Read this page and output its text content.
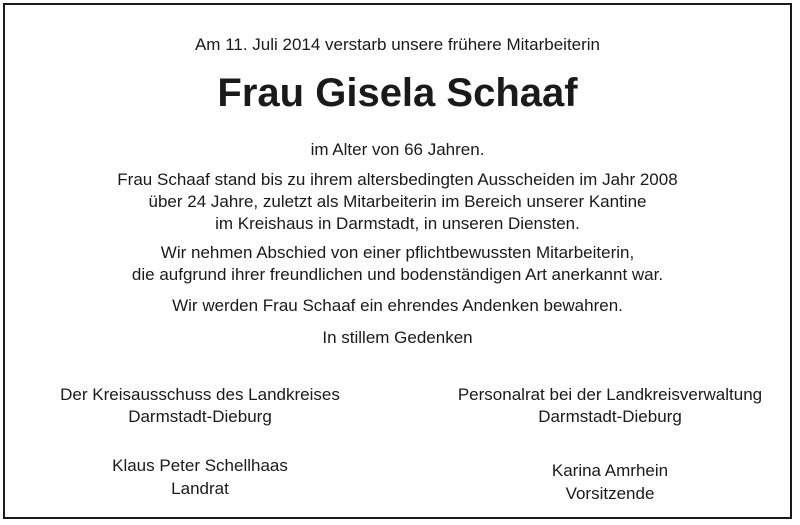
Am 11. Juli 2014 verstarb unsere frühere Mitarbeiterin
Frau Gisela Schaaf
im Alter von 66 Jahren.
Frau Schaaf stand bis zu ihrem altersbedingten Ausscheiden im Jahr 2008
über 24 Jahre, zuletzt als Mitarbeiterin im Bereich unserer Kantine
im Kreishaus in Darmstadt, in unseren Diensten.
Wir nehmen Abschied von einer pflichtbewussten Mitarbeiterin,
die aufgrund ihrer freundlichen und bodenständigen Art anerkannt war.
Wir werden Frau Schaaf ein ehrendes Andenken bewahren.
In stillem Gedenken
Der Kreisausschuss des Landkreises
Darmstadt-Dieburg
Klaus Peter Schellhaas
Landrat
Personalrat bei der Landkreisverwaltung
Darmstadt-Dieburg
Karina Amrhein
Vorsitzende
